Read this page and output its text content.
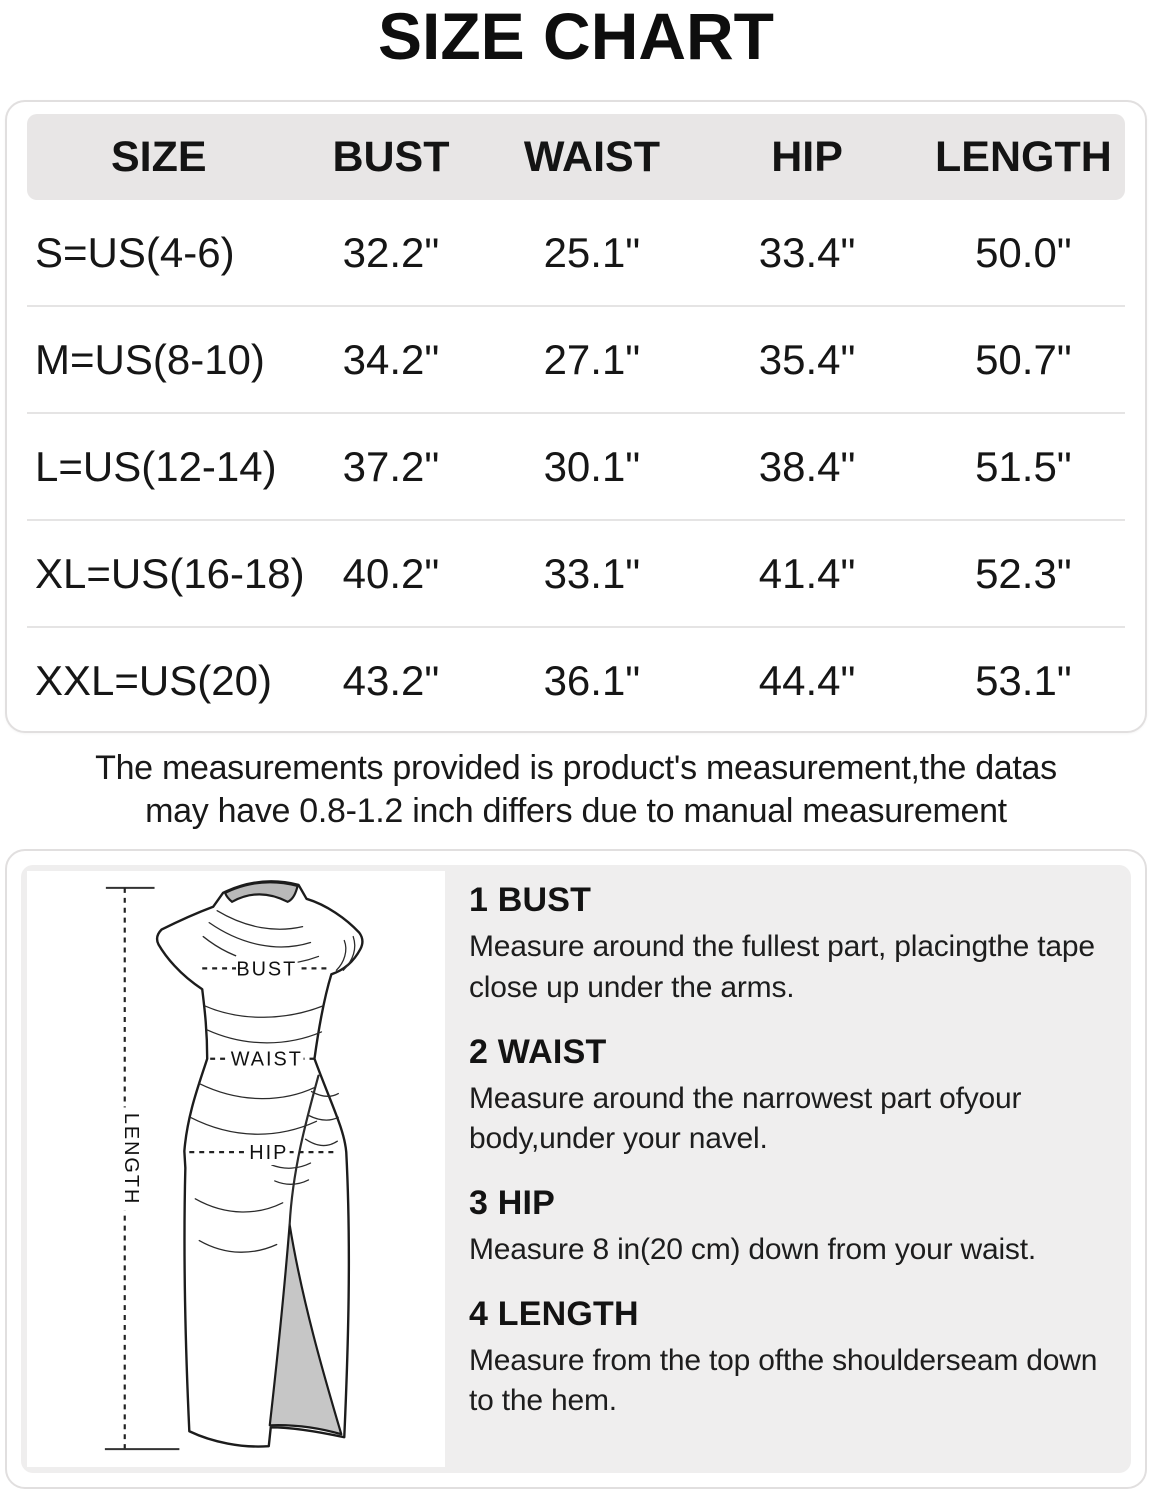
SIZE CHART
SIZE	BUST	WAIST	HIP	LENGTH
S=US(4-6)	32.2"	25.1"	33.4"	50.0"
M=US(8-10)	34.2"	27.1"	35.4"	50.7"
L=US(12-14)	37.2"	30.1"	38.4"	51.5"
XL=US(16-18) 40.2"	33.1"	41.4"	52.3"
XXL=US(20)	43.2"	36.1"	44.4"	53.1"

The measurements provided is product's measurement,the datas
may have 0.8-1.2 inch differs due to manual measurement

BUST
WAIST
HIP
LENGTH
1 BUST

Measure around the fullest part, placingthe tape close up under the arms.

2 WAIST

Measure around the narrowest part ofyour body,under your navel.

3 HIP

Measure 8 in(20 cm) down from your waist.

4 LENGTH

Measure from the top ofthe shoulderseam down to the hem.
